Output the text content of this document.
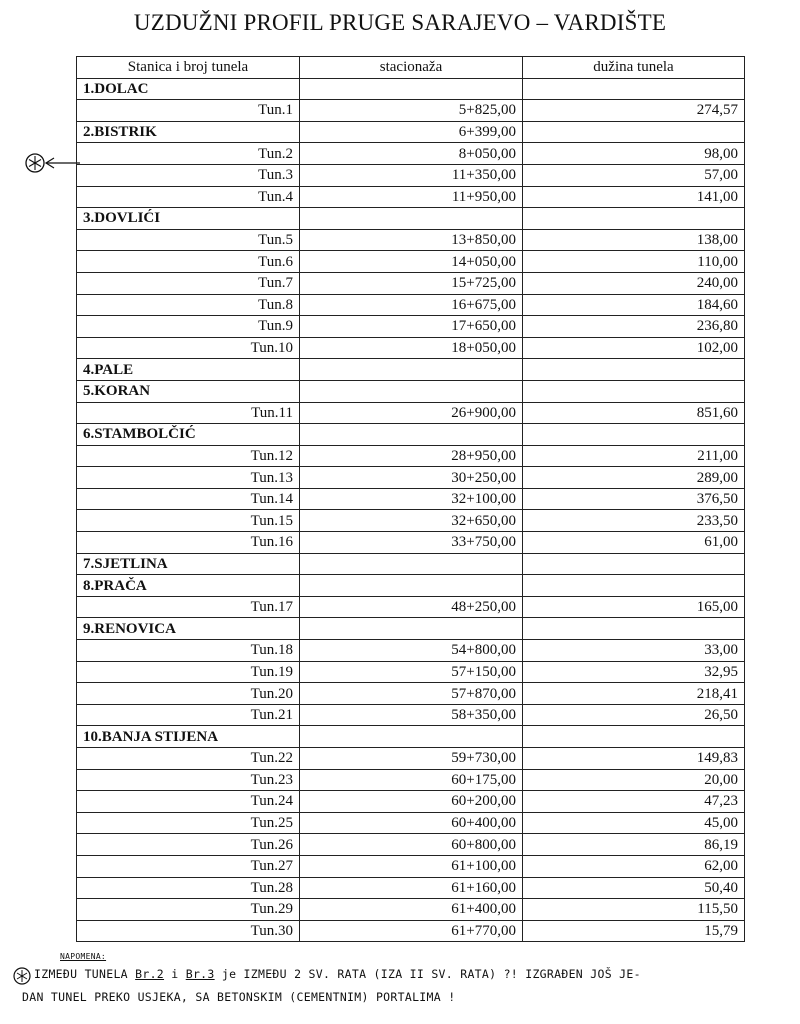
UZDUŽNI PROFIL PRUGE SARAJEVO – VARDIŠTE
Stanica i broj tunela	stacionaža	dužina tunela
1.DOLAC		
Tun.1	5+825,00	274,57
2.BISTRIK	6+399,00	
Tun.2	8+050,00	98,00
Tun.3	11+350,00	57,00
Tun.4	11+950,00	141,00
3.DOVLIĆI		
Tun.5	13+850,00	138,00
Tun.6	14+050,00	110,00
Tun.7	15+725,00	240,00
Tun.8	16+675,00	184,60
Tun.9	17+650,00	236,80
Tun.10	18+050,00	102,00
4.PALE		
5.KORAN		
Tun.11	26+900,00	851,60
6.STAMBOLČIĆ		
Tun.12	28+950,00	211,00
Tun.13	30+250,00	289,00
Tun.14	32+100,00	376,50
Tun.15	32+650,00	233,50
Tun.16	33+750,00	61,00
7.SJETLINA		
8.PRAČA		
Tun.17	48+250,00	165,00
9.RENOVICA		
Tun.18	54+800,00	33,00
Tun.19	57+150,00	32,95
Tun.20	57+870,00	218,41
Tun.21	58+350,00	26,50
10.BANJA STIJENA		
Tun.22	59+730,00	149,83
Tun.23	60+175,00	20,00
Tun.24	60+200,00	47,23
Tun.25	60+400,00	45,00
Tun.26	60+800,00	86,19
Tun.27	61+100,00	62,00
Tun.28	61+160,00	50,40
Tun.29	61+400,00	115,50
Tun.30	61+770,00	15,79
NAPOMENA:
IZMEĐU TUNELA Br.2 i Br.3 je IZMEĐU 2 SV. RATA (IZA II SV. RATA) ?! IZGRAĐEN JOŠ JE-
DAN TUNEL PREKO USJEKA, SA BETONSKIM (CEMENTNIM) PORTALIMA !
